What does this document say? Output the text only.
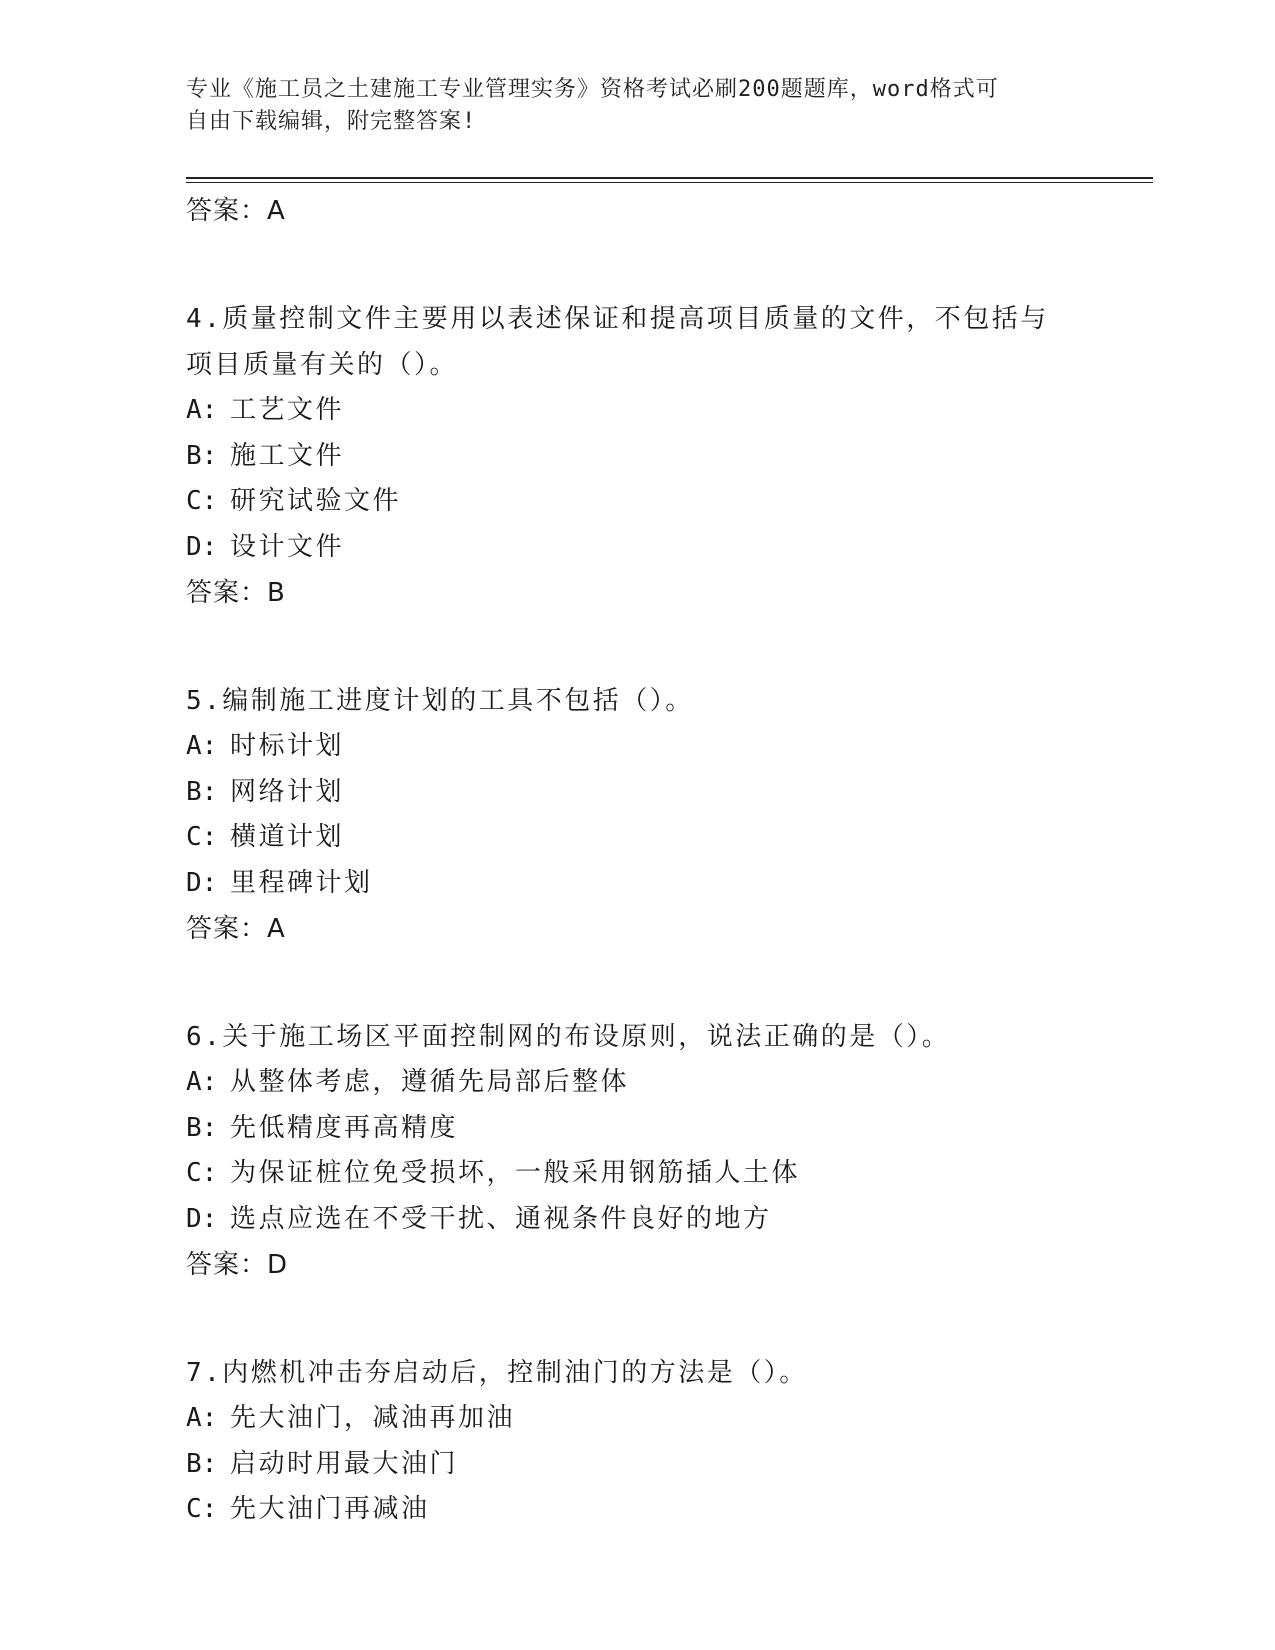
专业《施工员之土建施工专业管理实务》资格考试必刷200题题库，word格式可
自由下载编辑，附完整答案!

答案：A

4.质量控制文件主要用以表述保证和提高项目质量的文件，不包括与项目质量有关的（）。

A: 工艺文件

B: 施工文件

C: 研究试验文件

D: 设计文件

答案：B

5.编制施工进度计划的工具不包括（）。

A: 时标计划

B: 网络计划

C: 横道计划

D: 里程碑计划

答案：A

6.关于施工场区平面控制网的布设原则，说法正确的是（）。

A: 从整体考虑，遵循先局部后整体

B: 先低精度再高精度

C: 为保证桩位免受损坏，一般采用钢筋插人土体

D: 选点应选在不受干扰、通视条件良好的地方

答案：D

7.内燃机冲击夯启动后，控制油门的方法是（）。

A: 先大油门，减油再加油

B: 启动时用最大油门

C: 先大油门再减油
